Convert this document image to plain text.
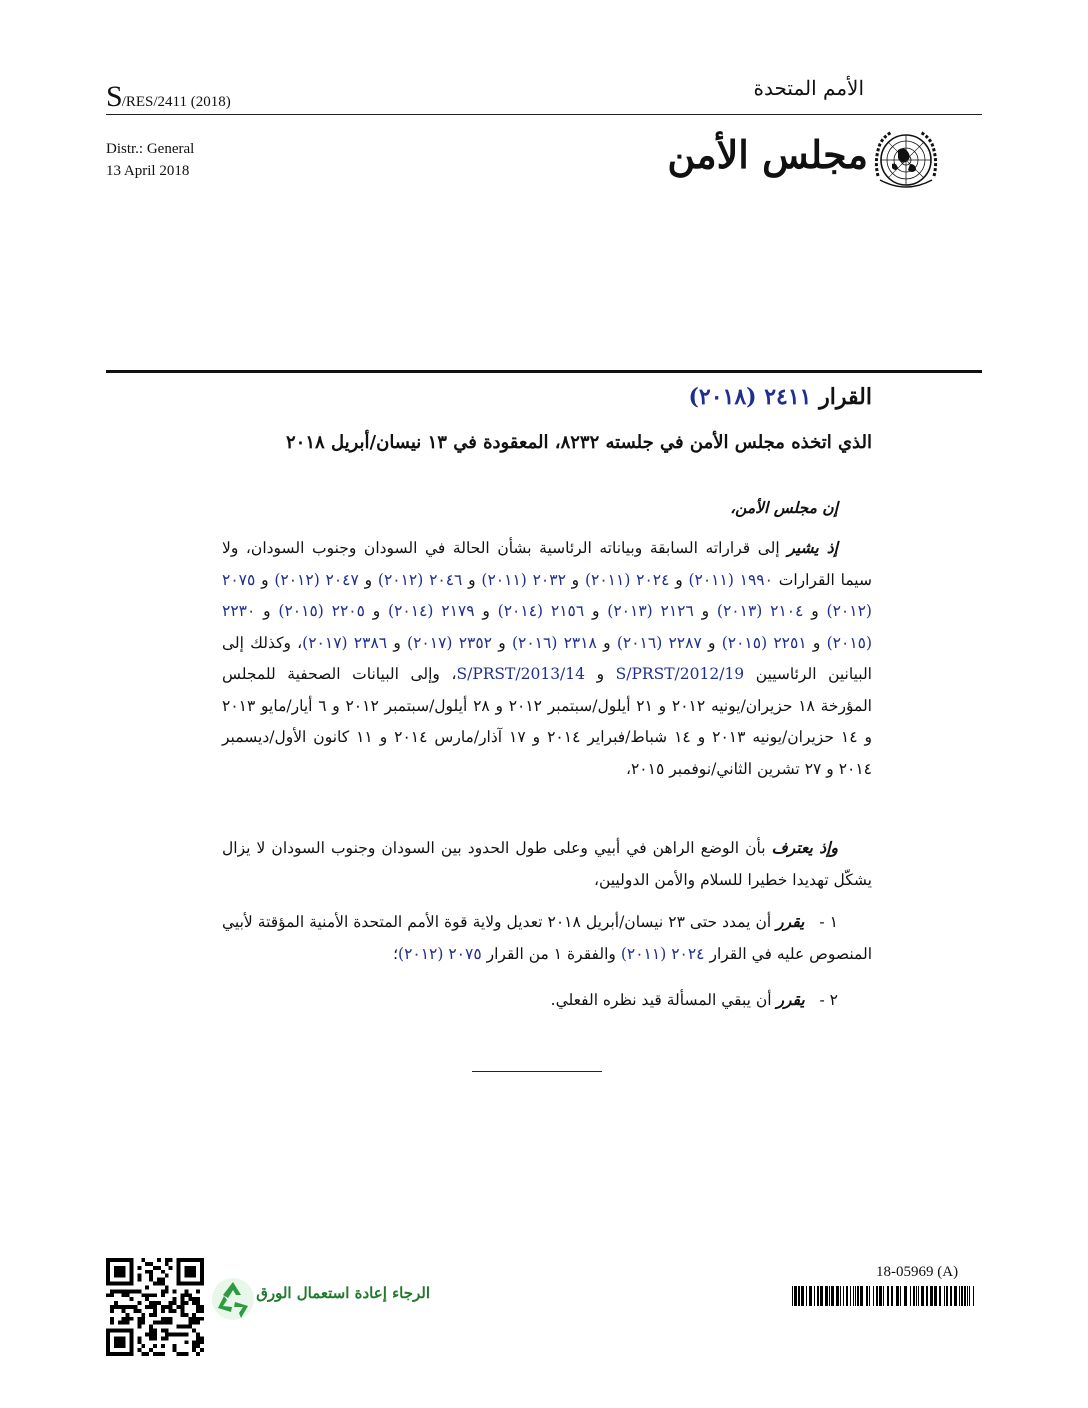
S/RES/2411 (2018)
الأمم المتحدة
Distr.: General
13 April 2018	مجلس الأمن
القرار ٢٤١١ (٢٠١٨)
الذي اتخذه مجلس الأمن في جلسته ٨٢٣٢، المعقودة في ١٣ نيسان/أبريل ٢٠١٨
إن مجلس الأمن،
إذ يشير إلى قراراته السابقة وبياناته الرئاسية بشأن الحالة في السودان وجنوب السودان، ولا سيما القرارات ١٩٩٠ (٢٠١١) و ٢٠٢٤ (٢٠١١) و ٢٠٣٢ (٢٠١١) و ٢٠٤٦ (٢٠١٢) و ٢٠٤٧ (٢٠١٢) و ٢٠٧٥ (٢٠١٢) و ٢١٠٤ (٢٠١٣) و ٢١٢٦ (٢٠١٣) و ٢١٥٦ (٢٠١٤) و ٢١٧٩ (٢٠١٤) و ٢٢٠٥ (٢٠١٥) و ٢٢٣٠ (٢٠١٥) و ٢٢٥١ (٢٠١٥) و ٢٢٨٧ (٢٠١٦) و ٢٣١٨ (٢٠١٦) و ٢٣٥٢ (٢٠١٧) و ٢٣٨٦ (٢٠١٧)، وكذلك إلى البيانين الرئاسيين S/PRST/2012/19 و S/PRST/2013/14، وإلى البيانات الصحفية للمجلس المؤرخة ١٨ حزيران/يونيه ٢٠١٢ و ٢١ أيلول/سبتمبر ٢٠١٢ و ٢٨ أيلول/سبتمبر ٢٠١٢ و ٦ أيار/مايو ٢٠١٣ و ١٤ حزيران/يونيه ٢٠١٣ و ١٤ شباط/فبراير ٢٠١٤ و ١٧ آذار/مارس ٢٠١٤ و ١١ كانون الأول/ديسمبر ٢٠١٤ و ٢٧ تشرين الثاني/نوفمبر ٢٠١٥،
وإذ يعترف بأن الوضع الراهن في أبيي وعلى طول الحدود بين السودان وجنوب السودان لا يزال يشكّل تهديدا خطيرا للسلام والأمن الدوليين،
١ -   يقرر أن يمدد حتى ٢٣ نيسان/أبريل ٢٠١٨ تعديل ولاية قوة الأمم المتحدة الأمنية المؤقتة لأبيي المنصوص عليه في القرار ٢٠٢٤ (٢٠١١) والفقرة ١ من القرار ٢٠٧٥ (٢٠١٢)؛
٢ -   يقرر أن يبقي المسألة قيد نظره الفعلي.
الرجاء إعادة استعمال الورق
18-05969 (A)
